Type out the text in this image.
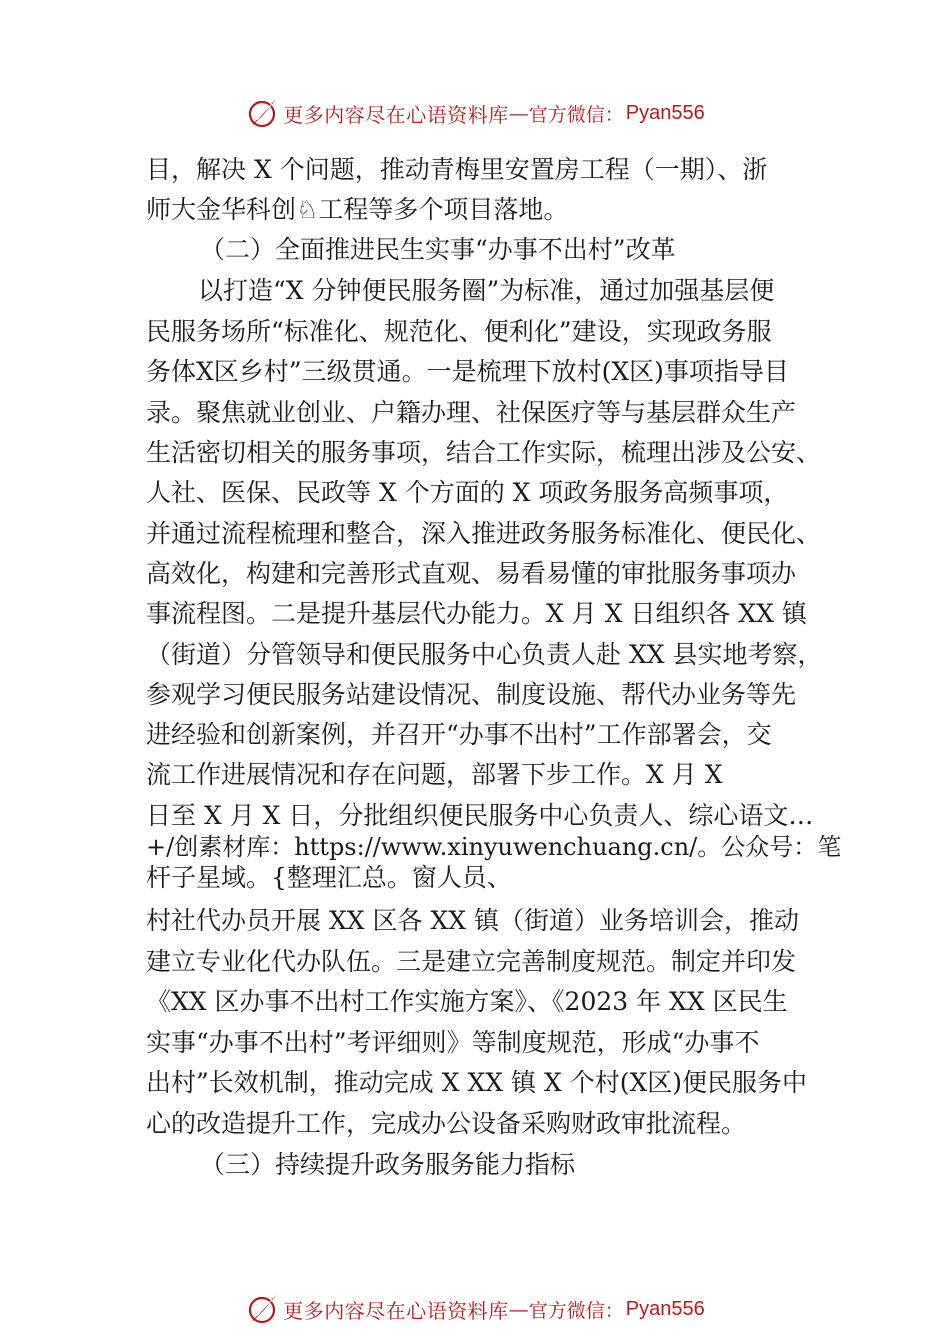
更多内容尽在心语资料库 — 官方微信： Pyan556
目，解决 X 个问题，推动青梅里安置房工程（一期）、浙
师大金华科创♘工程等多个项目落地。
（二）全面推进民生实事“办事不出村”改革
以打造“X 分钟便民服务圈”为标准，通过加强基层便
民服务场所“标准化、规范化、便利化”建设，实现政务服
务体Ⅹ区乡村”三级贯通。一是梳理下放村(Ⅹ区)事项指导目
录。聚焦就业创业、户籍办理、社保医疗等与基层群众生产
生活密切相关的服务事项，结合工作实际，梳理出涉及公安、
人社、医保、民政等 X 个方面的 X 项政务服务高频事项，
并通过流程梳理和整合，深入推进政务服务标准化、便民化、
高效化，构建和完善形式直观、易看易懂的审批服务事项办
事流程图。二是提升基层代办能力。X 月 X 日组织各 XX 镇
（街道）分管领导和便民服务中心负责人赴 XX 县实地考察，
参观学习便民服务站建设情况、制度设施、帮代办业务等先
进经验和创新案例，并召开“办事不出村”工作部署会，交
流工作进展情况和存在问题，部署下步工作。X 月 X
日至 X 月 X 日，分批组织便民服务中心负责人、综心语文…
+/创素材库：https://www.xinyuwenchuang.cn/。公众号：笔
杆子星域。{整理汇总。窗人员、
村社代办员开展 XX 区各 XX 镇（街道）业务培训会，推动
建立专业化代办队伍。三是建立完善制度规范。制定并印发
《XX 区办事不出村工作实施方案》、《2023 年 XX 区民生
实事“办事不出村”考评细则》等制度规范，形成“办事不
出村”长效机制，推动完成 X XX 镇 X 个村(Ⅹ区)便民服务中
心的改造提升工作，完成办公设备采购财政审批流程。
（三）持续提升政务服务能力指标
更多内容尽在心语资料库 — 官方微信： Pyan556
